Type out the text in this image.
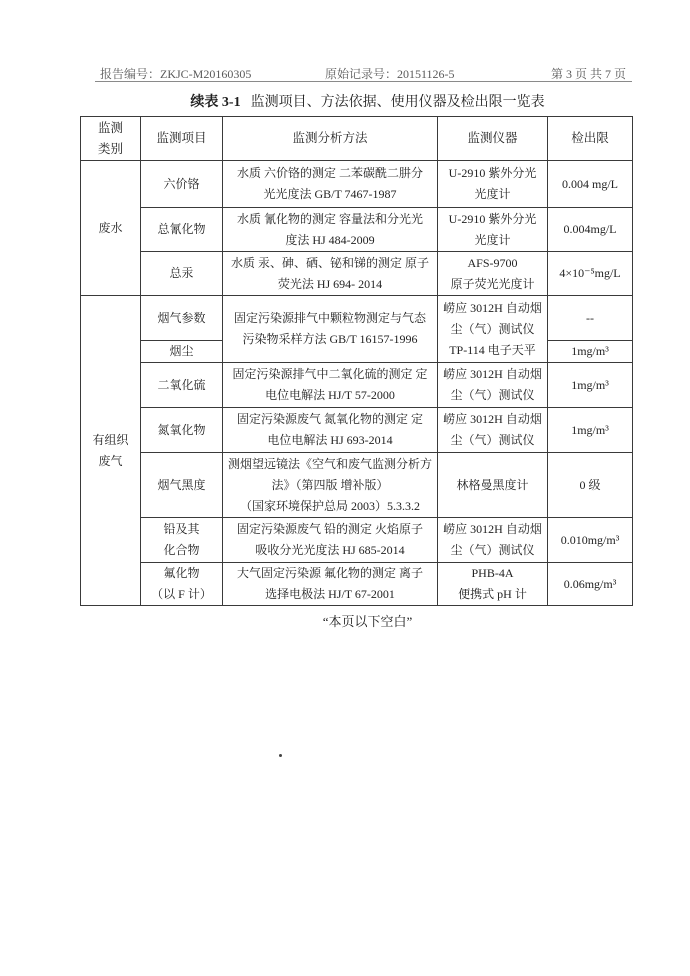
报告编号：ZKJC-M20160305	原始记录号：20151126-5	第 3 页 共 7 页
续表 3-1 监测项目、方法依据、使用仪器及检出限一览表
监测
类别	监测项目	监测分析方法	监测仪器	检出限

废水	六价铬	水质 六价铬的测定 二苯碳酰二肼分
光光度法 GB/T 7467-1987	U-2910 紫外分光
光度计	0.004 mg/L

	总氰化物	水质 氰化物的测定 容量法和分光光
度法 HJ 484-2009	U-2910 紫外分光
光度计	0.004mg/L

	总汞	水质 汞、砷、硒、铋和锑的测定 原子
荧光法 HJ 694- 2014	AFS-9700
原子荧光光度计	4×10⁻⁵mg/L

有组织
废气	烟气参数	固定污染源排气中颗粒物测定与气态
污染物采样方法 GB/T 16157-1996	崂应 3012H 自动烟
尘（气）测试仪
TP-114 电子天平	--

	烟尘			1mg/m³

	二氧化硫	固定污染源排气中二氧化硫的测定 定
电位电解法 HJ/T 57-2000	崂应 3012H 自动烟
尘（气）测试仪	1mg/m³

	氮氧化物	固定污染源废气 氮氧化物的测定 定
电位电解法 HJ 693-2014	崂应 3012H 自动烟
尘（气）测试仪	1mg/m³

	烟气黑度	测烟望远镜法《空气和废气监测分析方
法》（第四版 增补版）
（国家环境保护总局 2003）5.3.3.2	林格曼黑度计	0 级

	铅及其
化合物	固定污染源废气 铅的测定 火焰原子
吸收分光光度法 HJ 685-2014	崂应 3012H 自动烟
尘（气）测试仪	0.010mg/m³

	氟化物
（以 F 计）	大气固定污染源 氟化物的测定 离子
选择电极法 HJ/T 67-2001	PHB-4A
便携式 pH 计	0.06mg/m³
“本页以下空白”
